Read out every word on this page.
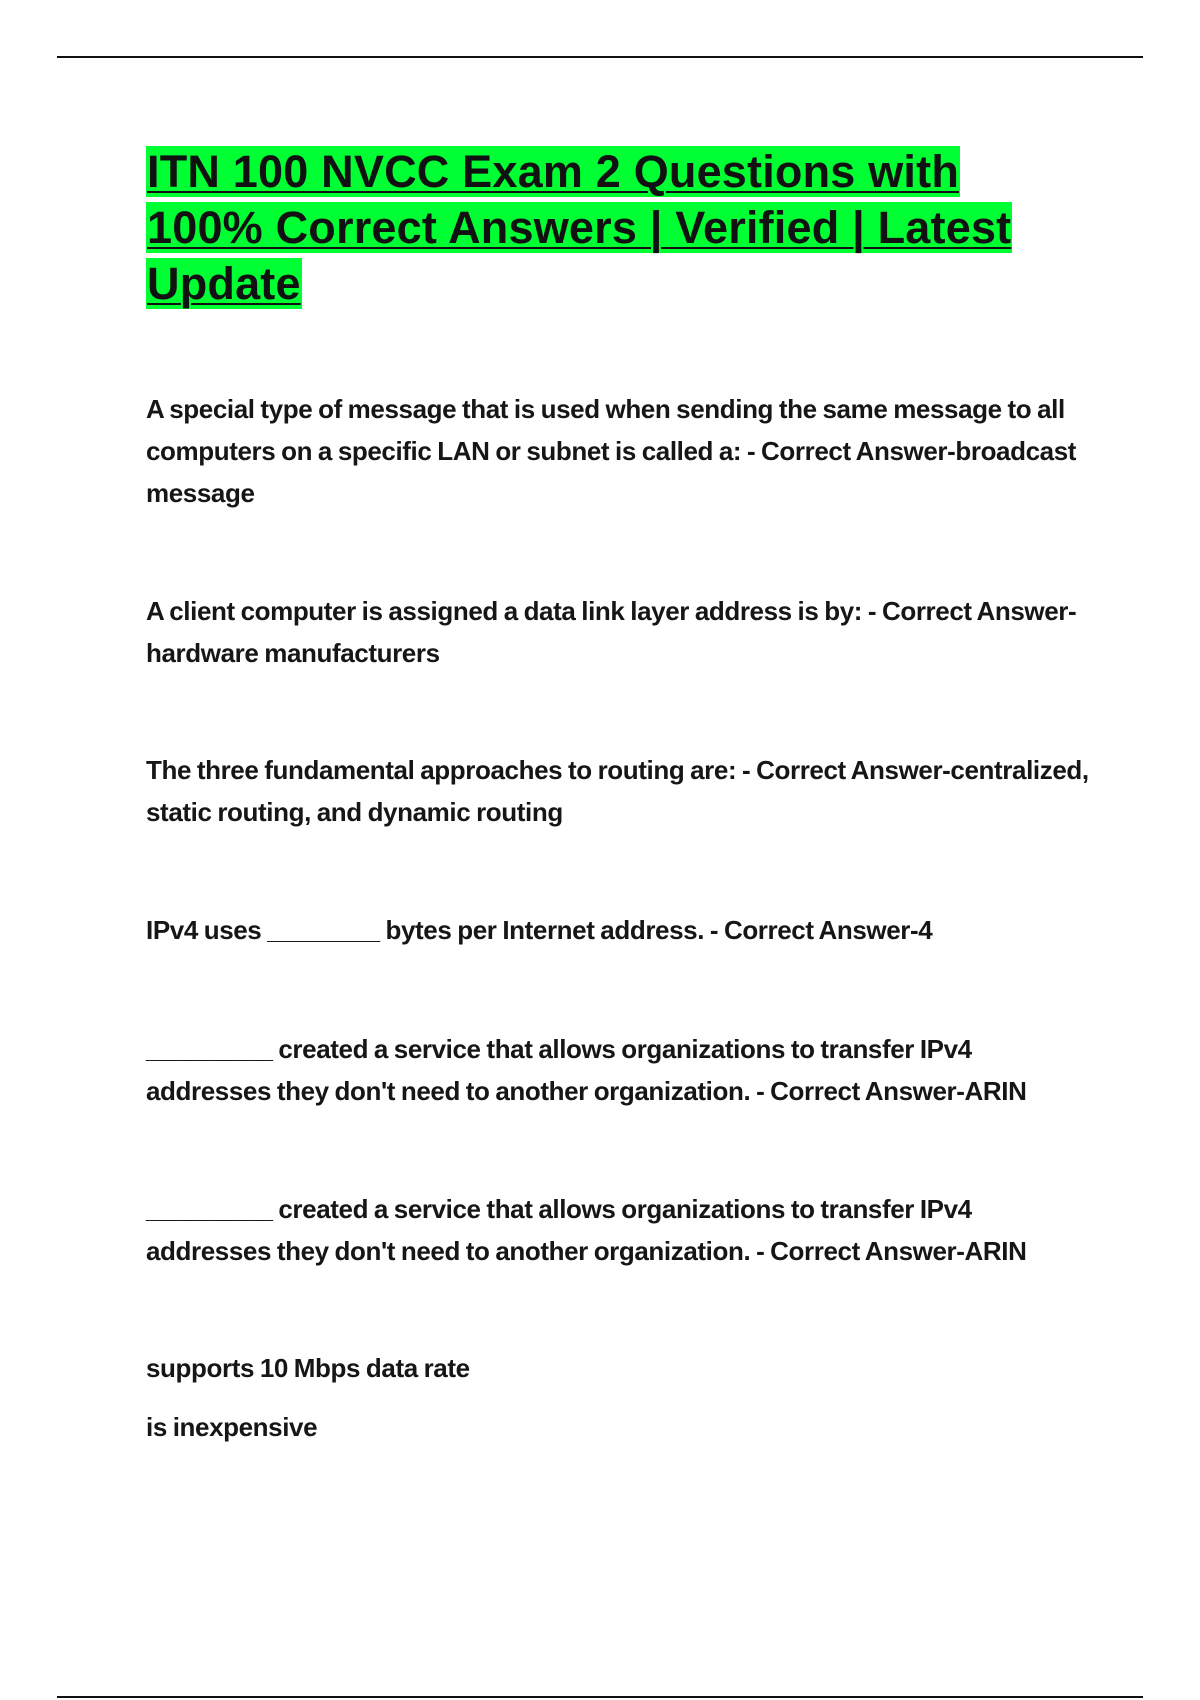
ITN 100 NVCC Exam 2 Questions with 100% Correct Answers | Verified | Latest Update

A special type of message that is used when sending the same message to all computers on a specific LAN or subnet is called a: - Correct Answer-broadcast message

A client computer is assigned a data link layer address is by: - Correct Answer-hardware manufacturers

The three fundamental approaches to routing are: - Correct Answer-centralized, static routing, and dynamic routing

IPv4 uses ________ bytes per Internet address. - Correct Answer-4

_________ created a service that allows organizations to transfer IPv4 addresses they don't need to another organization. - Correct Answer-ARIN

_________ created a service that allows organizations to transfer IPv4 addresses they don't need to another organization. - Correct Answer-ARIN

supports 10 Mbps data rate

is inexpensive
